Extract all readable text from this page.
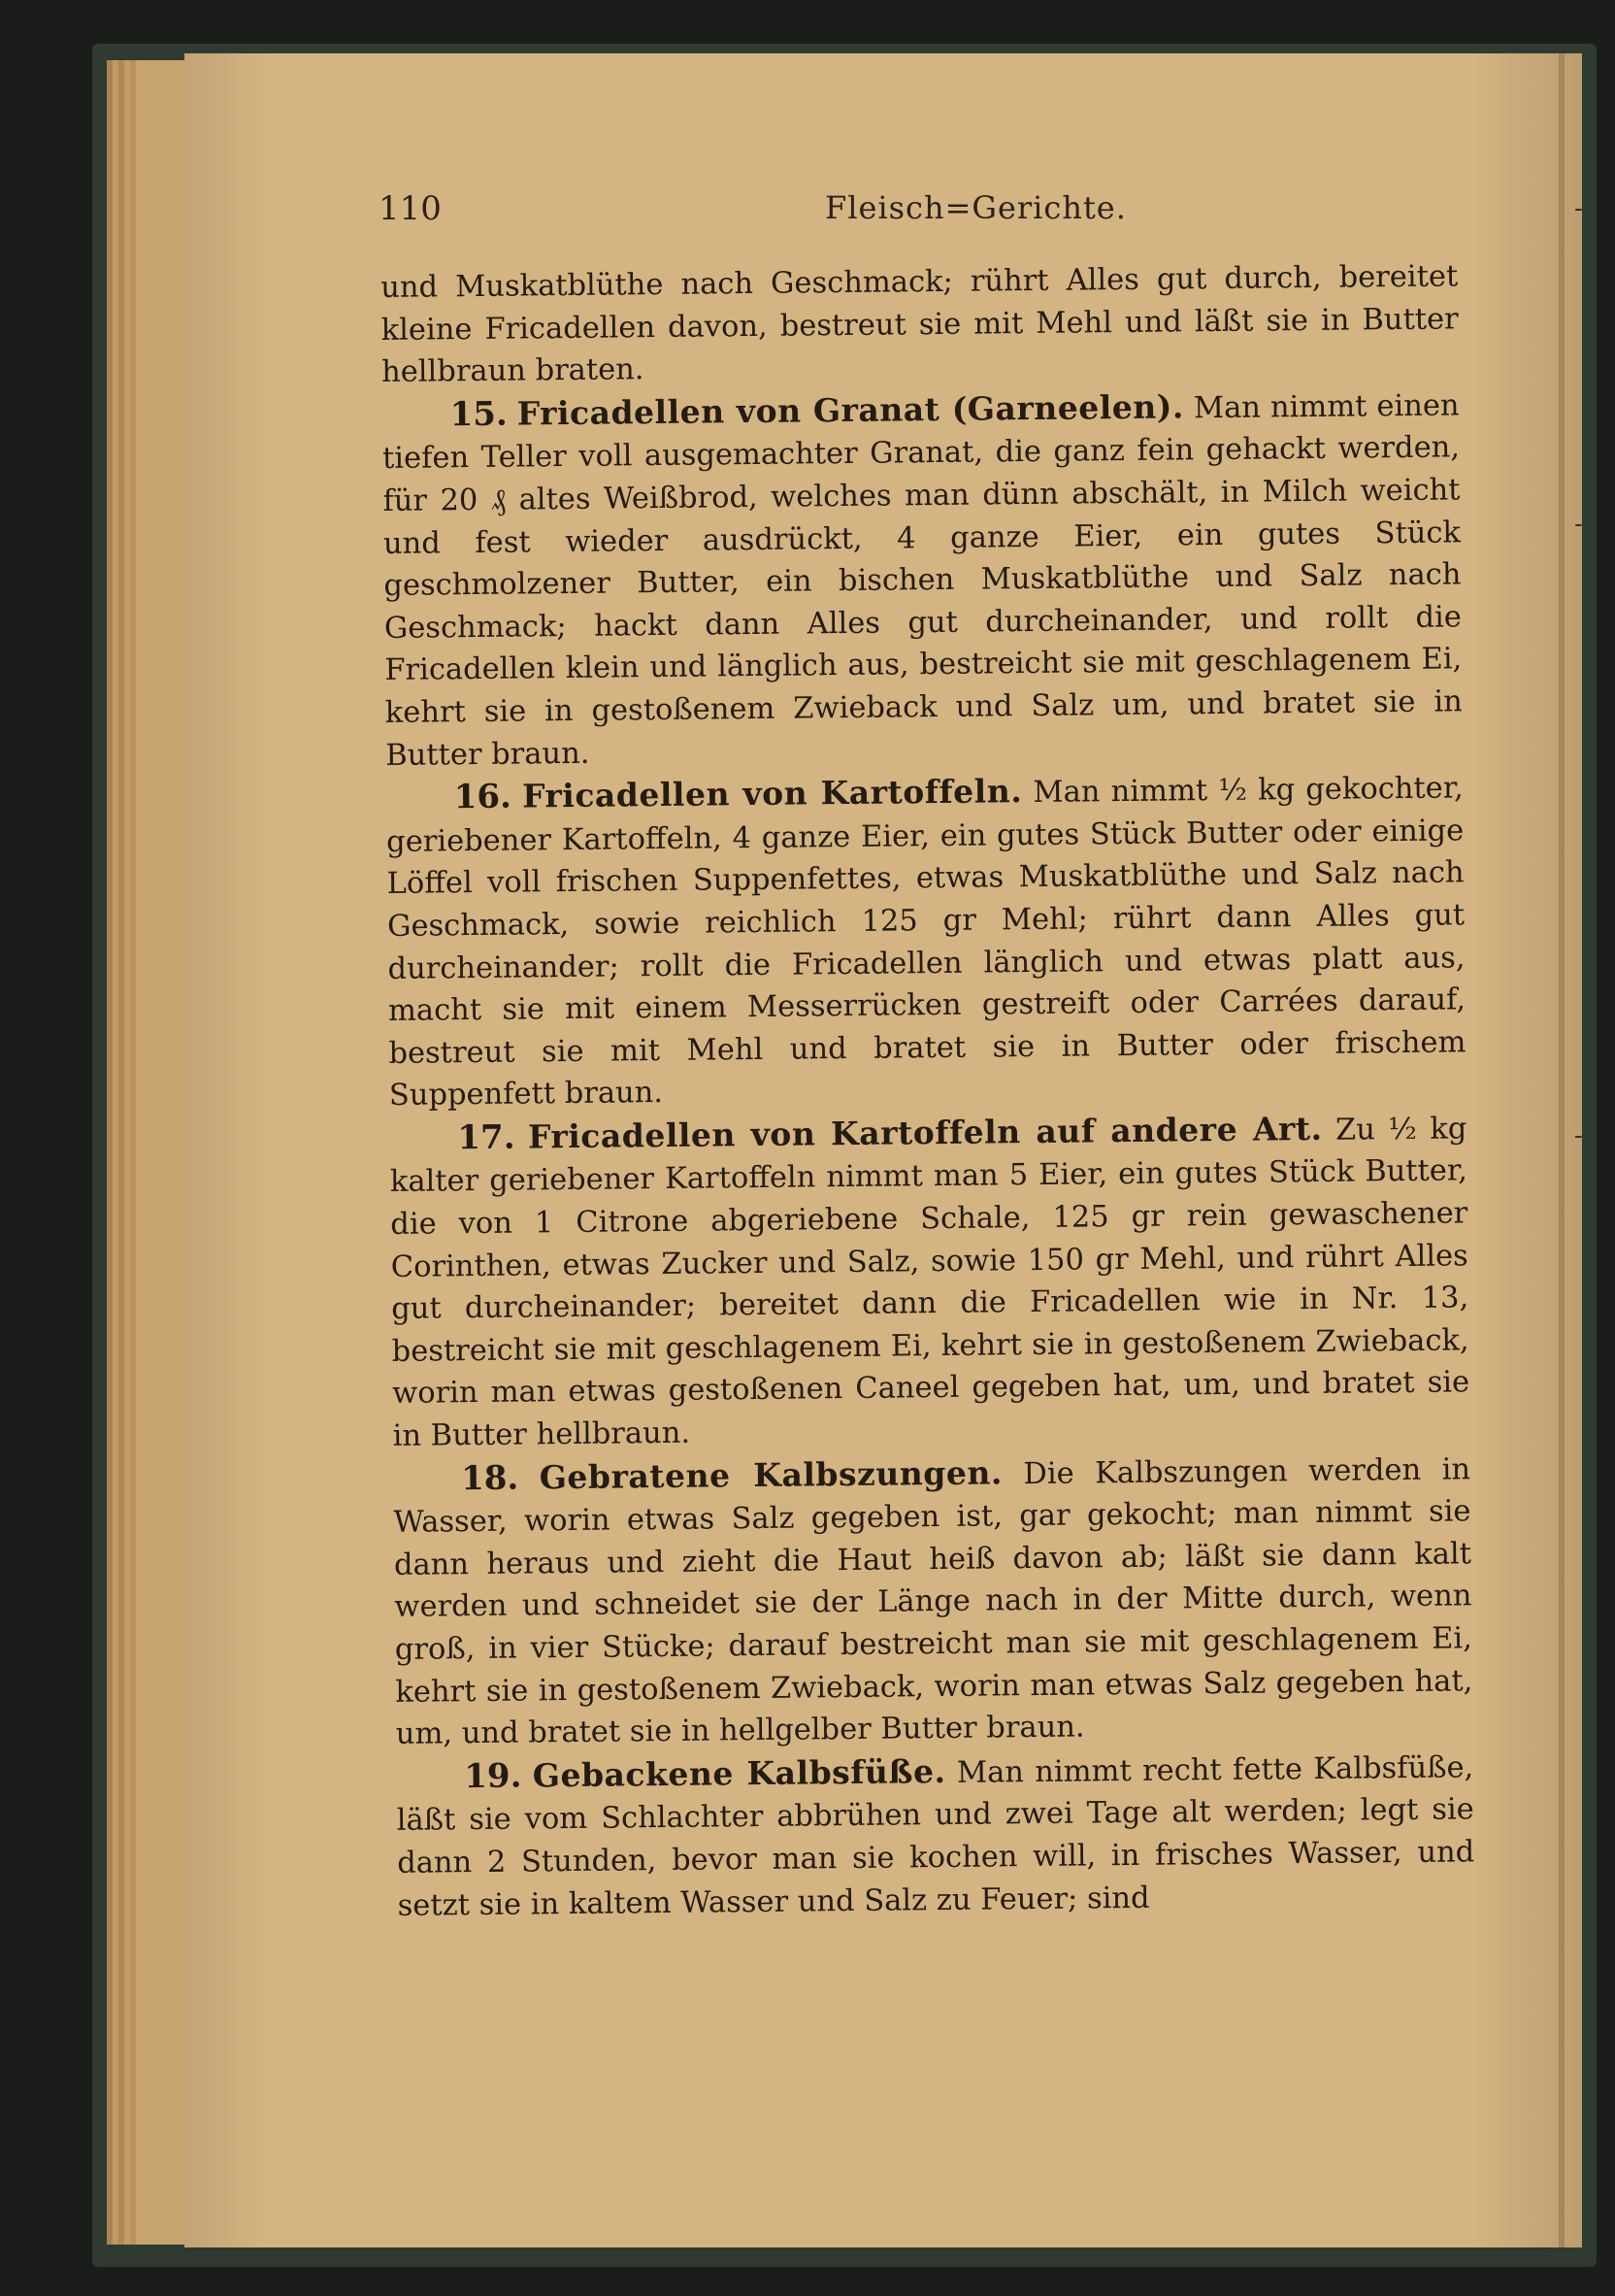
-
-
-
110	Fleisch=Gerichte.

und Muskatblüthe nach Geschmack; rührt Alles gut durch, bereitet kleine Fricadellen davon, bestreut sie mit Mehl und läßt sie in Butter hellbraun braten.

15. Fricadellen von Granat (Garneelen). Man nimmt einen tiefen Teller voll ausgemachter Granat, die ganz fein gehackt werden, für 20 ₰ altes Weißbrod, welches man dünn abschält, in Milch weicht und fest wieder ausdrückt, 4 ganze Eier, ein gutes Stück geschmolzener Butter, ein bischen Muskatblüthe und Salz nach Geschmack; hackt dann Alles gut durcheinander, und rollt die Fricadellen klein und länglich aus, bestreicht sie mit geschlagenem Ei, kehrt sie in gestoßenem Zwieback und Salz um, und bratet sie in Butter braun.

16. Fricadellen von Kartoffeln. Man nimmt ½ kg gekochter, geriebener Kartoffeln, 4 ganze Eier, ein gutes Stück Butter oder einige Löffel voll frischen Suppenfettes, etwas Muskatblüthe und Salz nach Geschmack, sowie reichlich 125 gr Mehl; rührt dann Alles gut durcheinander; rollt die Fricadellen länglich und etwas platt aus, macht sie mit einem Messerrücken gestreift oder Carrées darauf, bestreut sie mit Mehl und bratet sie in Butter oder frischem Suppenfett braun.

17. Fricadellen von Kartoffeln auf andere Art. Zu ½ kg kalter geriebener Kartoffeln nimmt man 5 Eier, ein gutes Stück Butter, die von 1 Citrone abgeriebene Schale, 125 gr rein gewaschener Corinthen, etwas Zucker und Salz, sowie 150 gr Mehl, und rührt Alles gut durcheinander; bereitet dann die Fricadellen wie in Nr. 13, bestreicht sie mit geschlagenem Ei, kehrt sie in gestoßenem Zwieback, worin man etwas gestoßenen Caneel gegeben hat, um, und bratet sie in Butter hellbraun.

18. Gebratene Kalbszungen. Die Kalbszungen werden in Wasser, worin etwas Salz gegeben ist, gar gekocht; man nimmt sie dann heraus und zieht die Haut heiß davon ab; läßt sie dann kalt werden und schneidet sie der Länge nach in der Mitte durch, wenn groß, in vier Stücke; darauf bestreicht man sie mit geschlagenem Ei, kehrt sie in gestoßenem Zwieback, worin man etwas Salz gegeben hat, um, und bratet sie in hellgelber Butter braun.

19. Gebackene Kalbsfüße. Man nimmt recht fette Kalbsfüße, läßt sie vom Schlachter abbrühen und zwei Tage alt werden; legt sie dann 2 Stunden, bevor man sie kochen will, in frisches Wasser, und setzt sie in kaltem Wasser und Salz zu Feuer; sind
